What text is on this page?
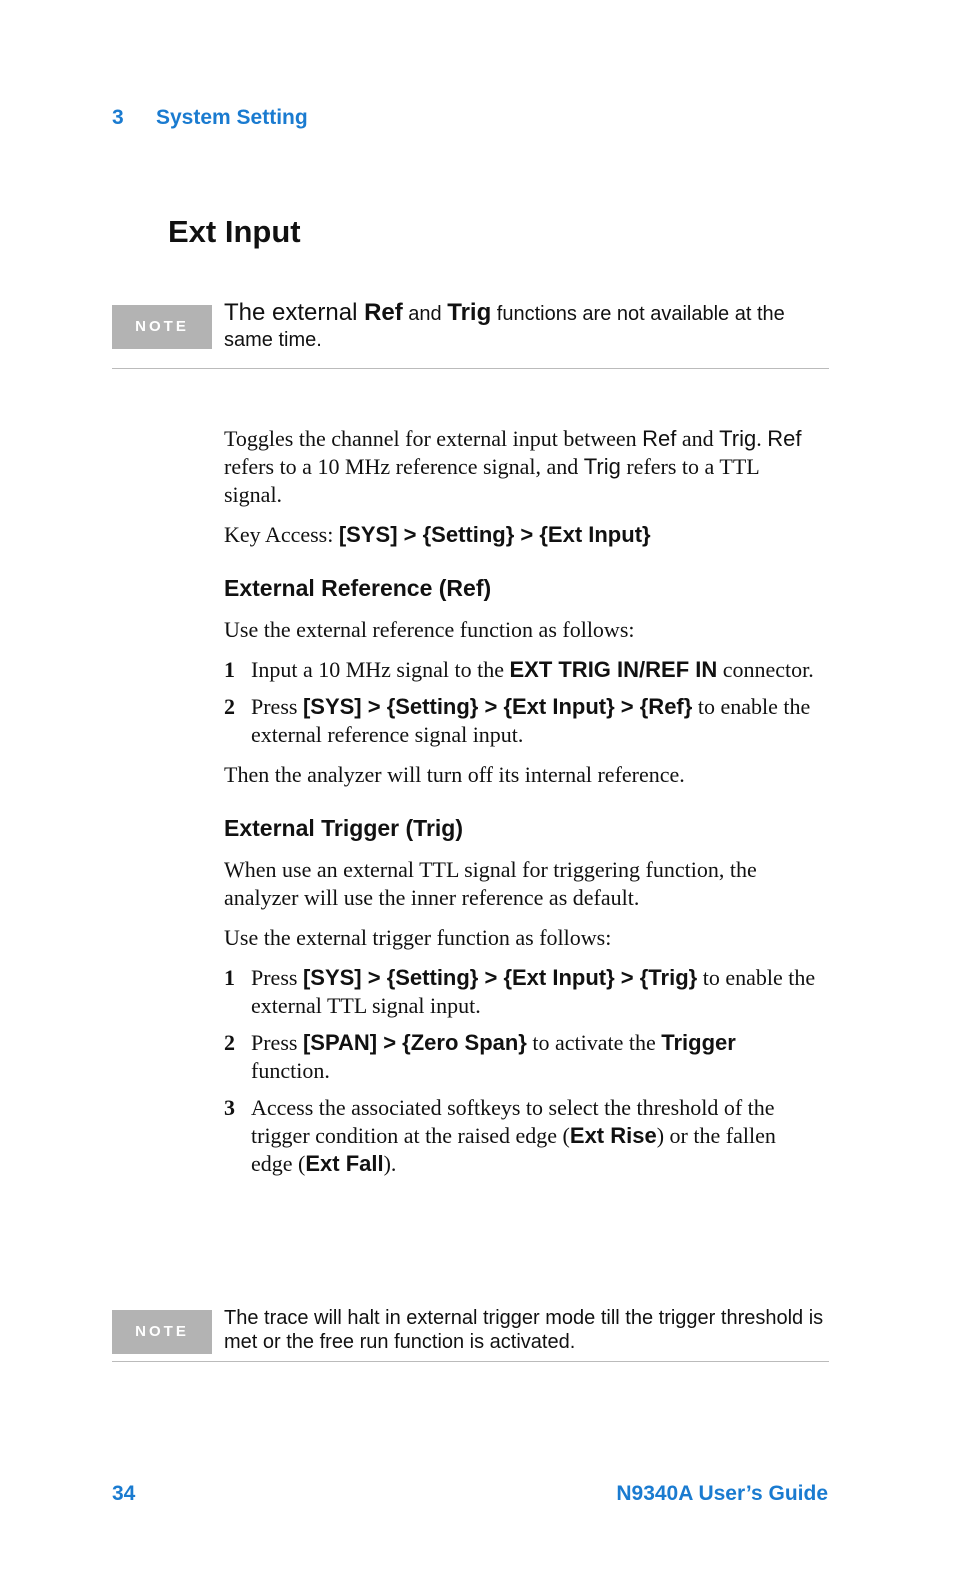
3 System Setting
Ext Input
NOTE
The external Ref and Trig functions are not available at the same time.

Toggles the channel for external input between Ref and Trig. Ref refers to a 10 MHz reference signal, and Trig refers to a TTL signal.

Key Access: [SYS] > {Setting} > {Ext Input}

External Reference (Ref)

Use the external reference function as follows:

1 Input a 10 MHz signal to the EXT TRIG IN/REF IN connector.
2 Press [SYS] > {Setting} > {Ext Input} > {Ref} to enable the external reference signal input.

Then the analyzer will turn off its internal reference.

External Trigger (Trig)

When use an external TTL signal for triggering function, the analyzer will use the inner reference as default.

Use the external trigger function as follows:

1 Press [SYS] > {Setting} > {Ext Input} > {Trig} to enable the external TTL signal input.
2 Press [SPAN] > {Zero Span} to activate the Trigger function.
3 Access the associated softkeys to select the threshold of the trigger condition at the raised edge (Ext Rise) or the fallen edge (Ext Fall).
NOTE
The trace will halt in external trigger mode till the trigger threshold is met or the free run function is activated.
34	N9340A User’s Guide
